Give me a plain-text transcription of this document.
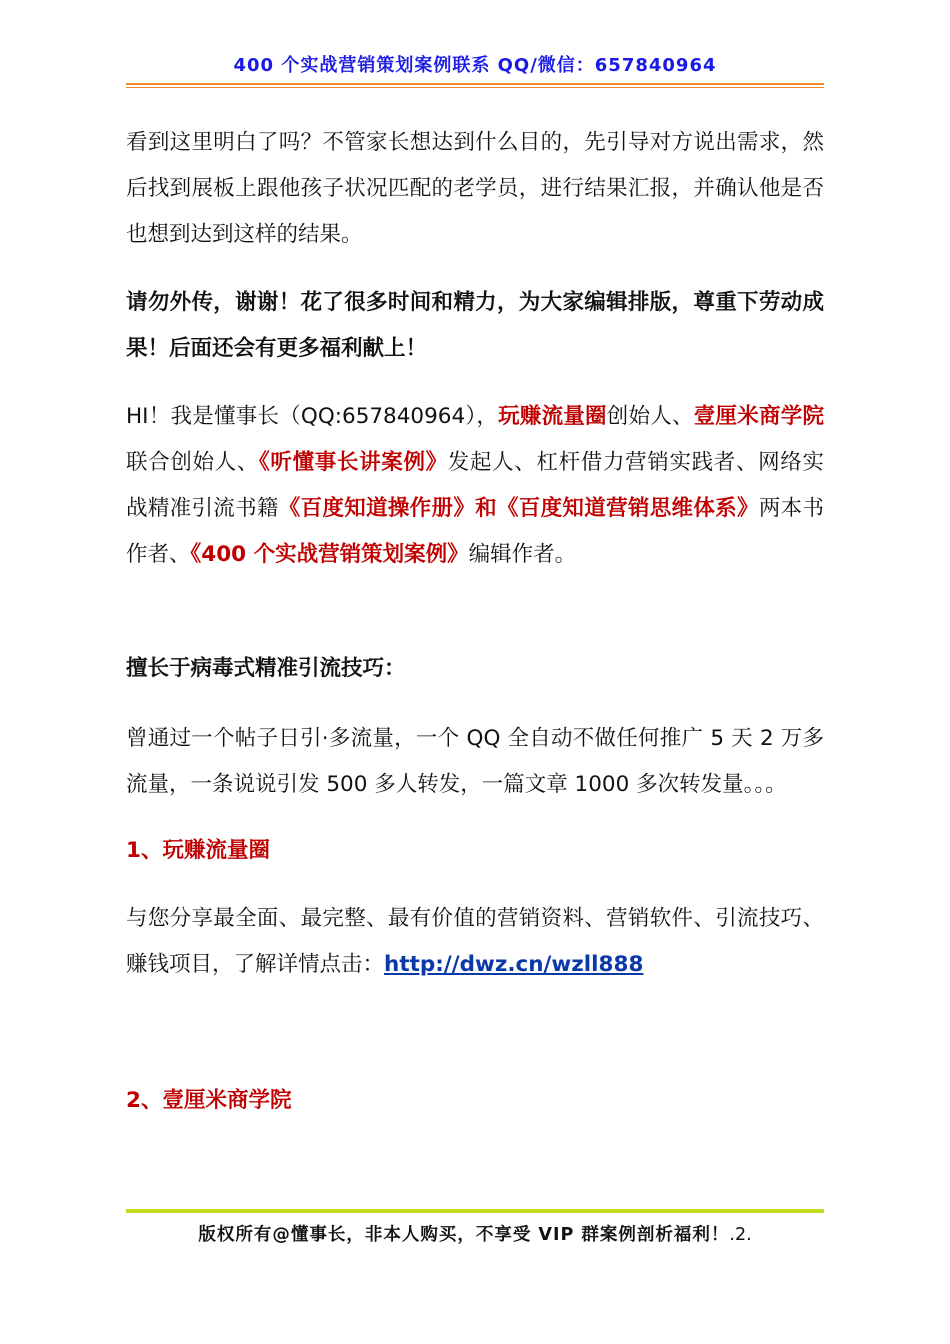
400 个实战营销策划案例联系 QQ/微信：657840964

看到这里明白了吗？不管家长想达到什么目的，先引导对方说出需求，然后找到展板上跟他孩子状况匹配的老学员，进行结果汇报，并确认他是否也想到达到这样的结果。

请勿外传，谢谢！花了很多时间和精力，为大家编辑排版，尊重下劳动成果！后面还会有更多福利献上！

HI！我是懂事长（QQ:657840964），玩赚流量圈创始人、壹厘米商学院联合创始人、《听懂事长讲案例》发起人、杠杆借力营销实践者、网络实战精准引流书籍《百度知道操作册》和《百度知道营销思维体系》两本书作者、《400 个实战营销策划案例》编辑作者。

擅长于病毒式精准引流技巧：

曾通过一个帖子日引·多流量，一个 QQ 全自动不做任何推广 5 天 2 万多流量，一条说说引发 500 多人转发，一篇文章 1000 多次转发量。。。

1、玩赚流量圈

与您分享最全面、最完整、最有价值的营销资料、营销软件、引流技巧、赚钱项目，了解详情点击：http://dwz.cn/wzll888

2、壹厘米商学院

版权所有@懂事长，非本人购买，不享受 VIP 群案例剖析福利！.2.
